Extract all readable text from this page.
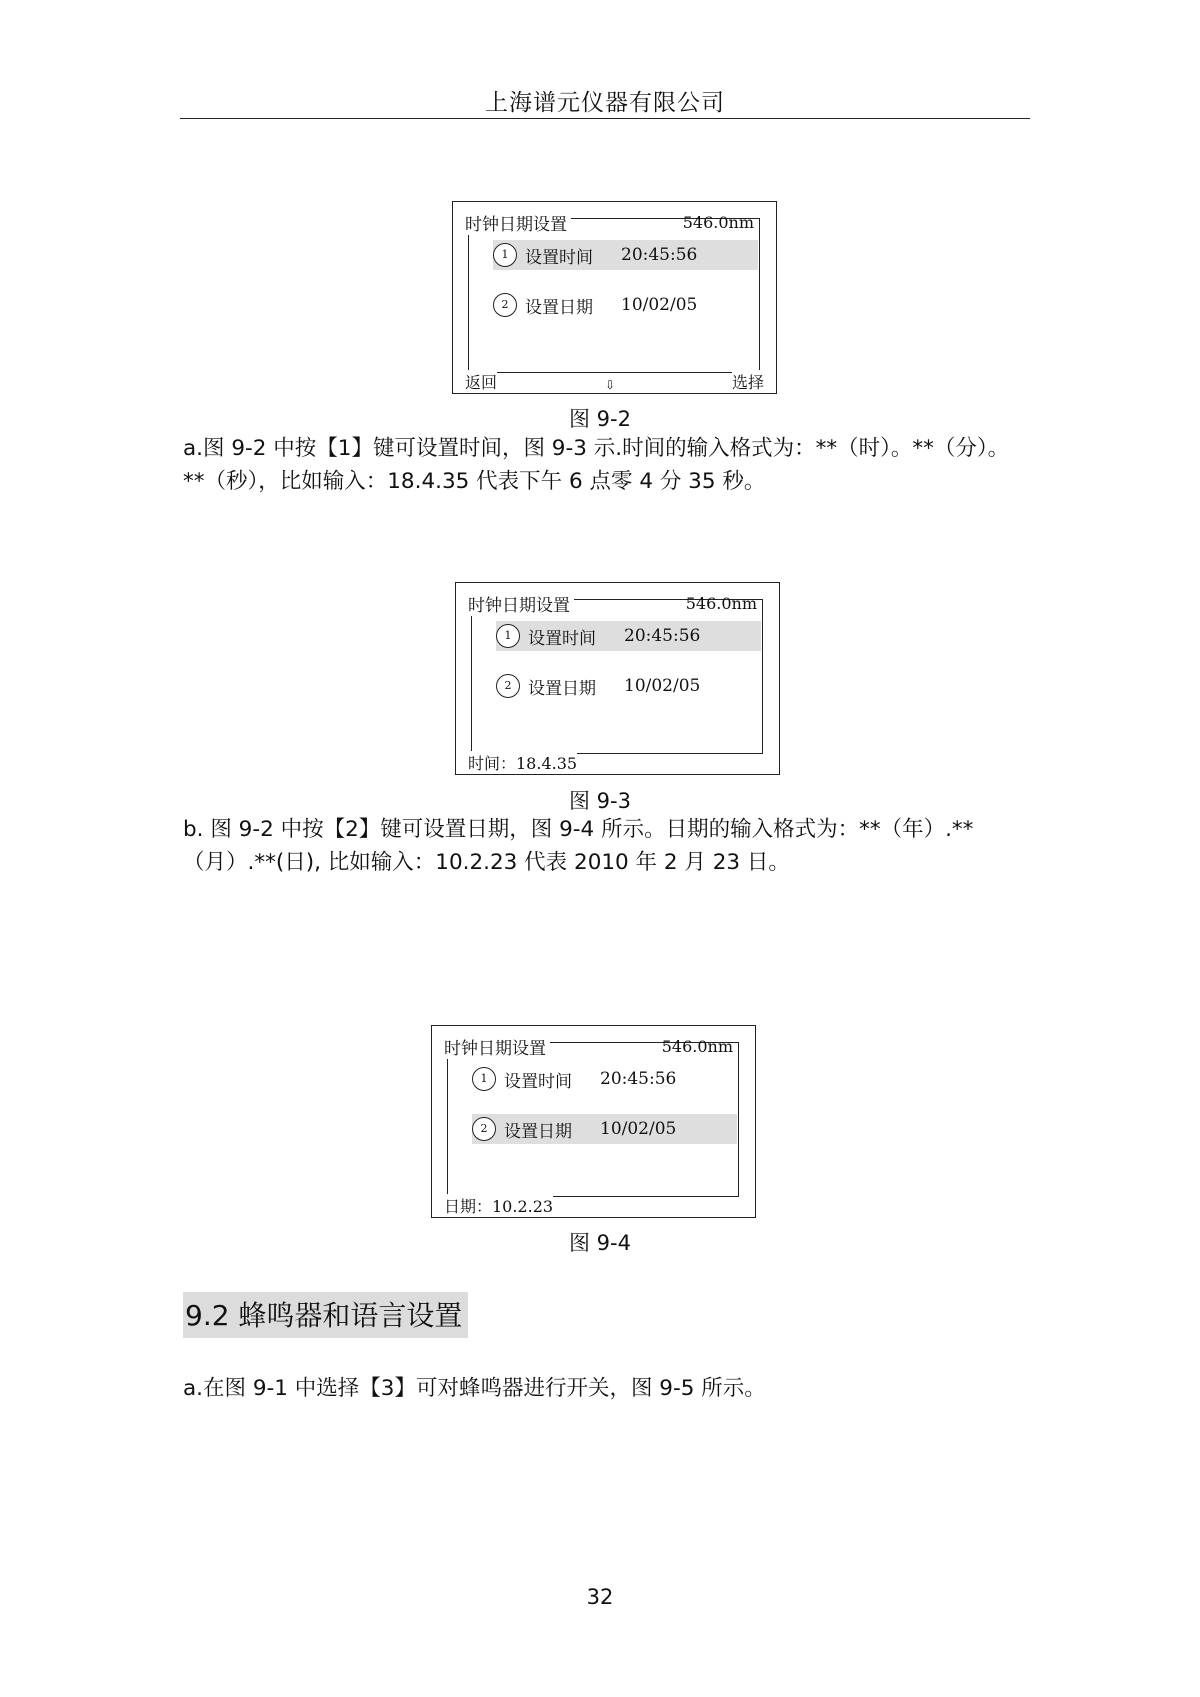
上海谱元仪器有限公司
时钟日期设置	546.0nm
1 设置时间 20:45:56
2 设置日期 10/02/05
返回	⇩	选择
图 9-2
a.图 9-2 中按【1】键可设置时间，图 9-3 示.时间的输入格式为：**（时）。**（分）。**（秒），比如输入：18.4.35 代表下午 6 点零 4 分 35 秒。
时钟日期设置	546.0nm
1 设置时间 20:45:56
2 设置日期 10/02/05
时间：18.4.35
图 9-3
b. 图 9-2 中按【2】键可设置日期，图 9-4 所示。日期的输入格式为：**（年）.**（月）.**(日), 比如输入：10.2.23 代表 2010 年 2 月 23 日。
时钟日期设置	546.0nm
1 设置时间 20:45:56
2 设置日期 10/02/05
日期：10.2.23
图 9-4
9.2 蜂鸣器和语言设置
a.在图 9-1 中选择【3】可对蜂鸣器进行开关，图 9-5 所示。
32
